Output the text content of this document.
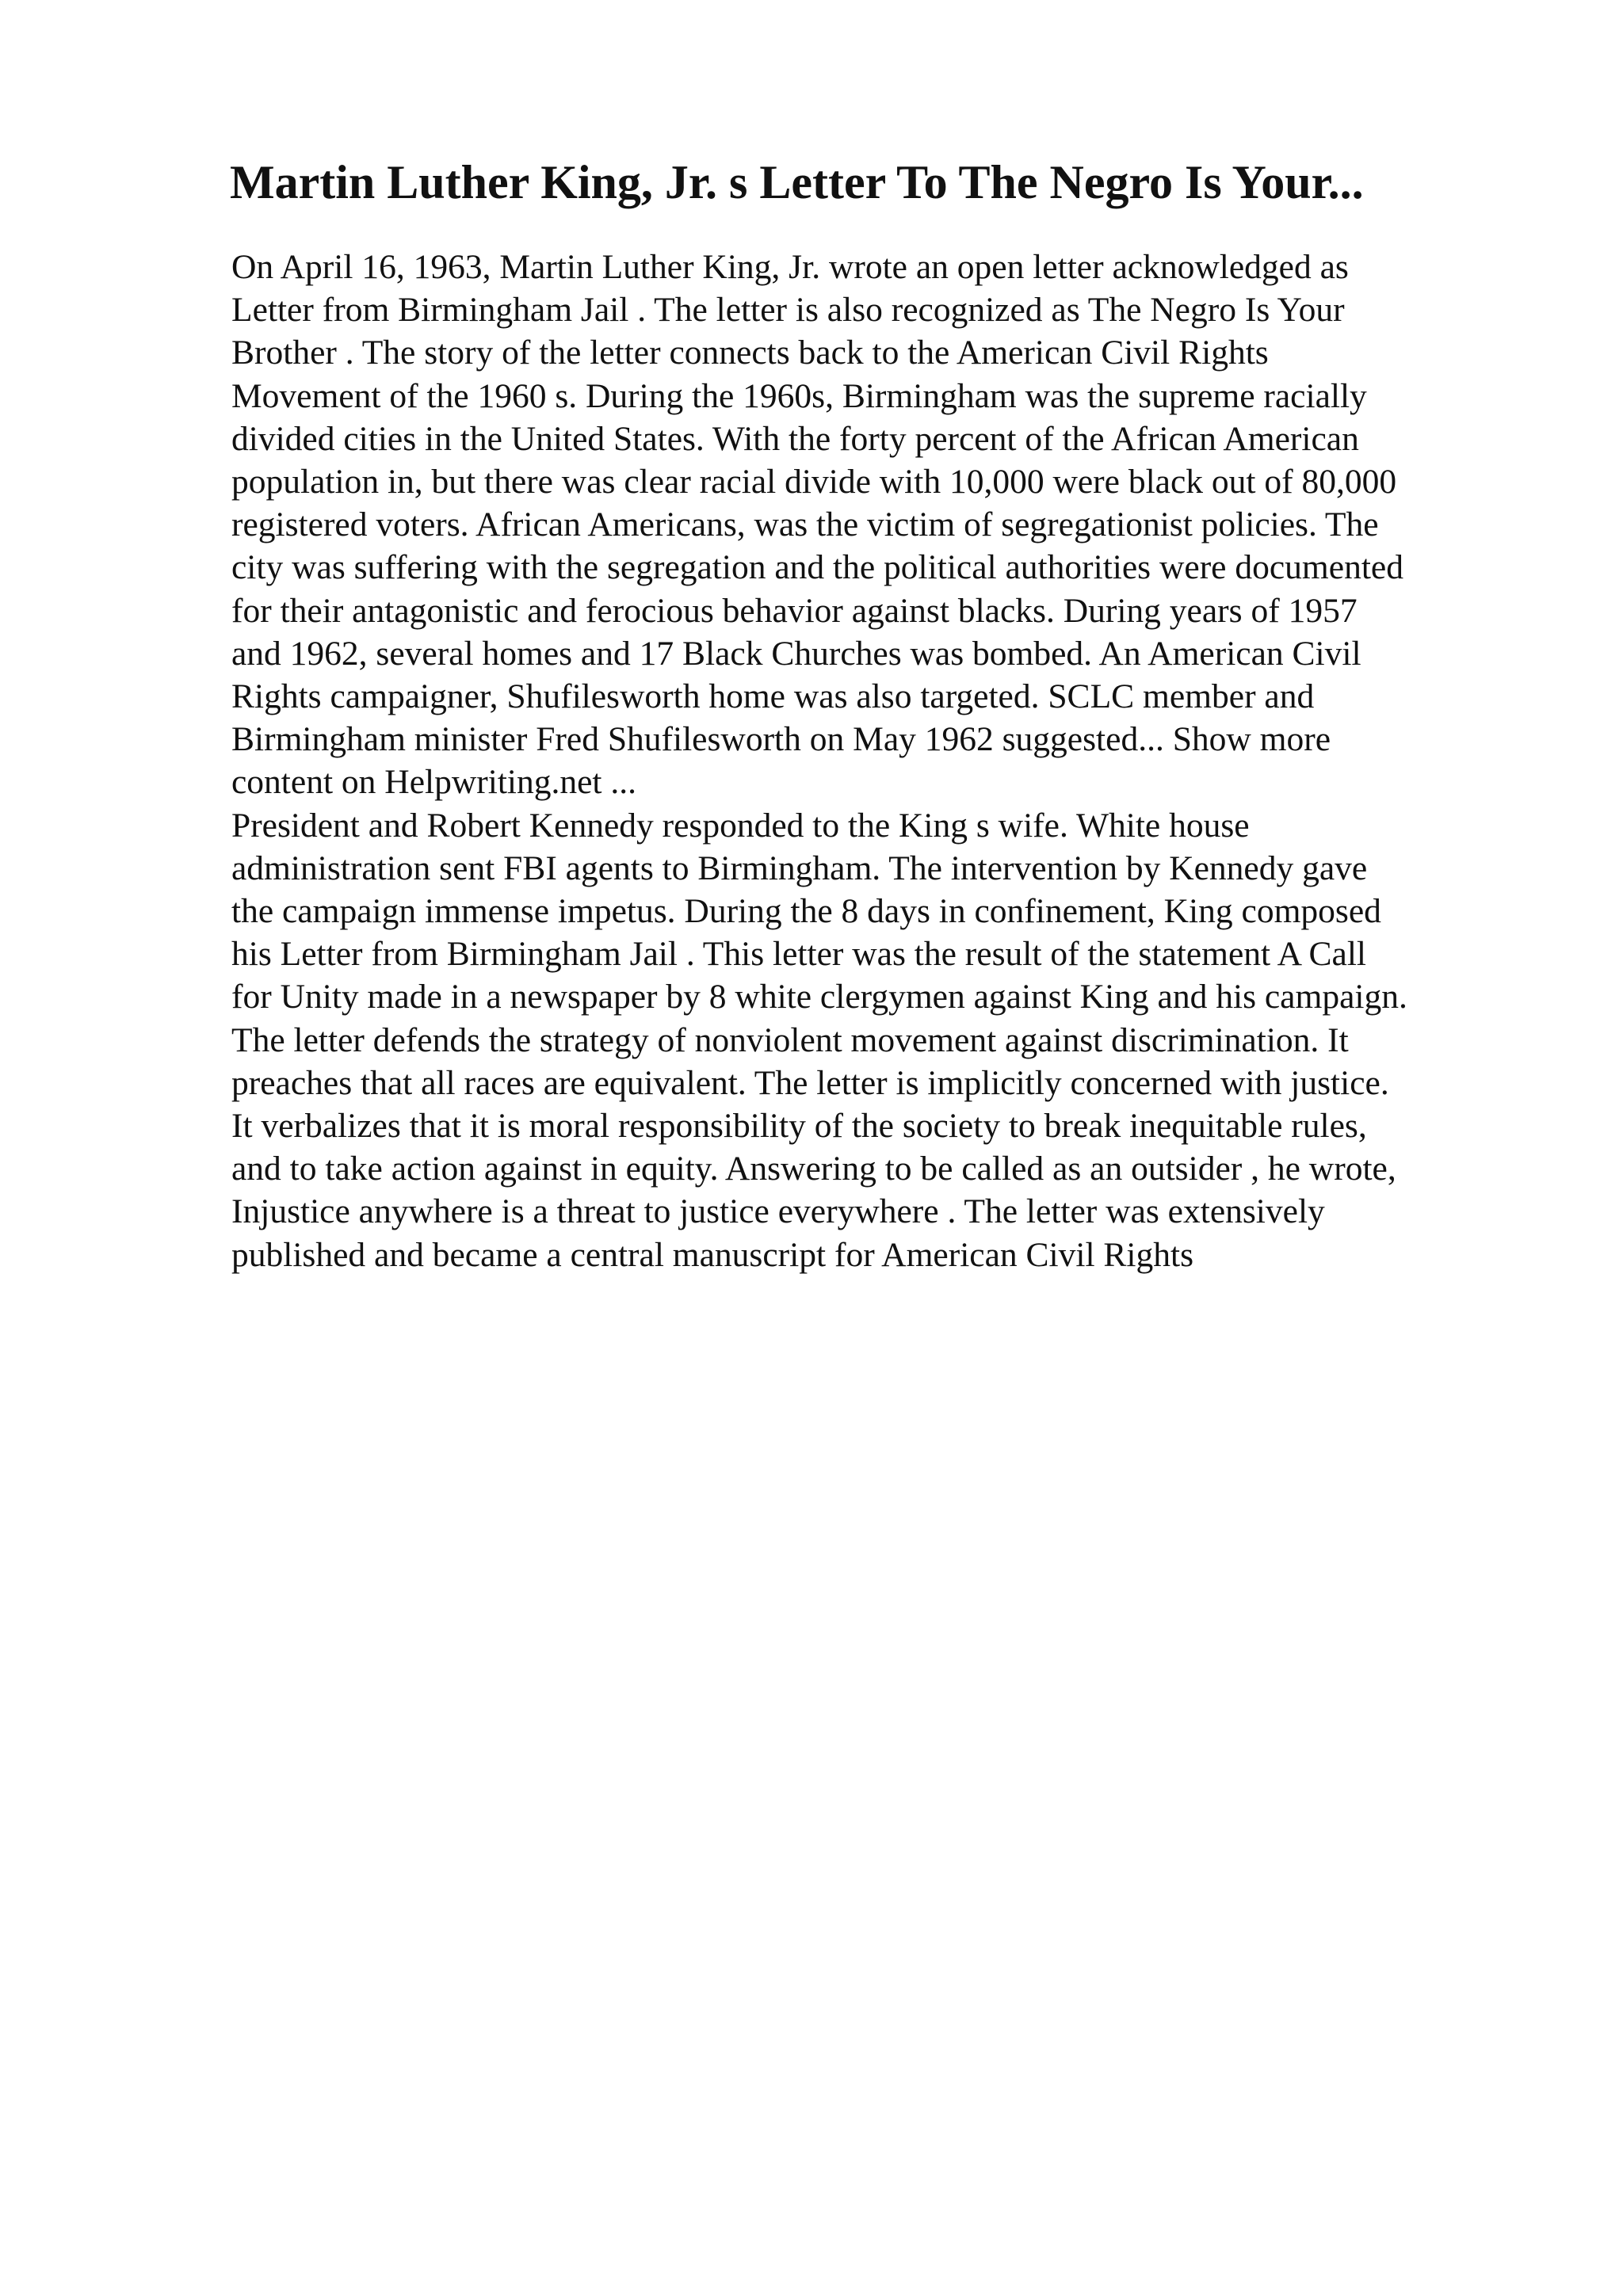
Martin Luther King, Jr. s Letter To The Negro Is Your...
On April 16, 1963, Martin Luther King, Jr. wrote an open letter acknowledged as
Letter from Birmingham Jail . The letter is also recognized as The Negro Is Your
Brother . The story of the letter connects back to the American Civil Rights
Movement of the 1960 s. During the 1960s, Birmingham was the supreme racially
divided cities in the United States. With the forty percent of the African American
population in, but there was clear racial divide with 10,000 were black out of 80,000
registered voters. African Americans, was the victim of segregationist policies. The
city was suffering with the segregation and the political authorities were documented
for their antagonistic and ferocious behavior against blacks. During years of 1957
and 1962, several homes and 17 Black Churches was bombed. An American Civil
Rights campaigner, Shufilesworth home was also targeted. SCLC member and
Birmingham minister Fred Shufilesworth on May 1962 suggested... Show more
content on Helpwriting.net ...
President and Robert Kennedy responded to the King s wife. White house
administration sent FBI agents to Birmingham. The intervention by Kennedy gave
the campaign immense impetus. During the 8 days in confinement, King composed
his Letter from Birmingham Jail . This letter was the result of the statement A Call
for Unity made in a newspaper by 8 white clergymen against King and his campaign.
The letter defends the strategy of nonviolent movement against discrimination. It
preaches that all races are equivalent. The letter is implicitly concerned with justice.
It verbalizes that it is moral responsibility of the society to break inequitable rules,
and to take action against in equity. Answering to be called as an outsider , he wrote,
Injustice anywhere is a threat to justice everywhere . The letter was extensively
published and became a central manuscript for American Civil Rights
